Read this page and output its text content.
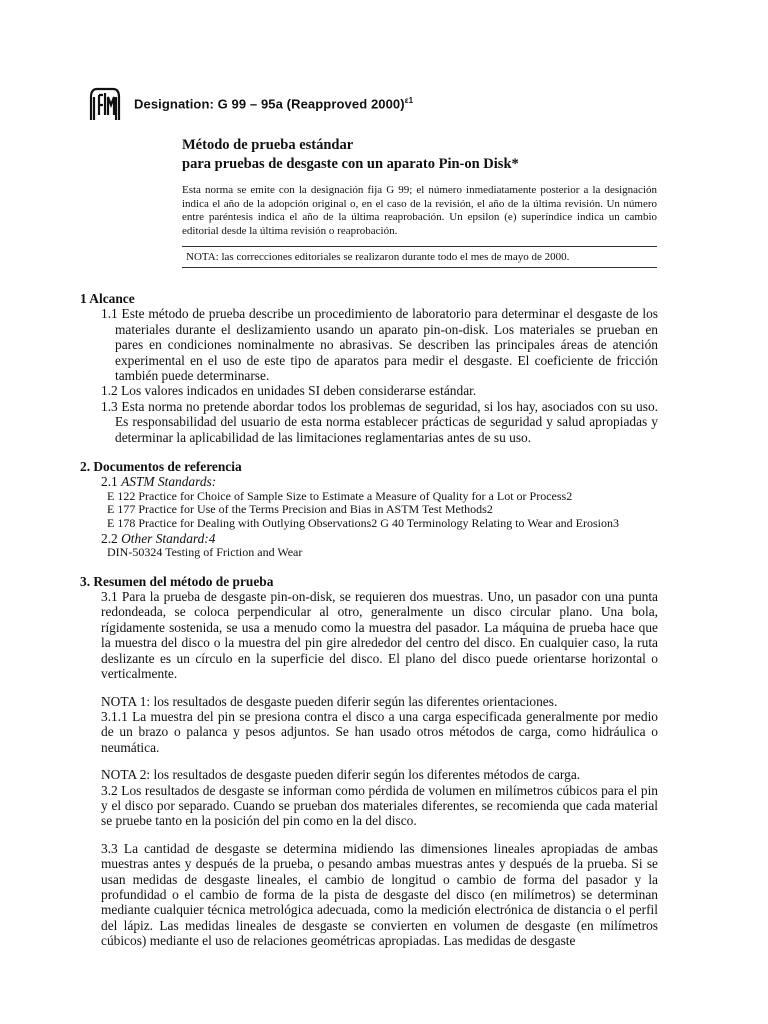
Designation: G 99 – 95a (Reapproved 2000)$^{\varepsilon 1}$
Método de prueba estándar
para pruebas de desgaste con un aparato Pin-on Disk*
Esta norma se emite con la designación fija G 99; el número inmediatamente posterior a la designación indica el año de la adopción original o, en el caso de la revisión, el año de la última revisión. Un número entre paréntesis indica el año de la última reaprobación. Un epsilon (e) superíndice indica un cambio editorial desde la última revisión o reaprobación.
NOTA: las correcciones editoriales se realizaron durante todo el mes de mayo de 2000.

1 Alcance

1.1 Este método de prueba describe un procedimiento de laboratorio para determinar el desgaste de los materiales durante el deslizamiento usando un aparato pin-on-disk. Los materiales se prueban en pares en condiciones nominalmente no abrasivas. Se describen las principales áreas de atención experimental en el uso de este tipo de aparatos para medir el desgaste. El coeficiente de fricción también puede determinarse.

1.2 Los valores indicados en unidades SI deben considerarse estándar.

1.3 Esta norma no pretende abordar todos los problemas de seguridad, si los hay, asociados con su uso. Es responsabilidad del usuario de esta norma establecer prácticas de seguridad y salud apropiadas y determinar la aplicabilidad de las limitaciones reglamentarias antes de su uso.

2. Documentos de referencia

2.1 ASTM Standards:

E 122 Practice for Choice of Sample Size to Estimate a Measure of Quality for a Lot or Process2

E 177 Practice for Use of the Terms Precision and Bias in ASTM Test Methods2

E 178 Practice for Dealing with Outlying Observations2 G 40 Terminology Relating to Wear and Erosion3

2.2 Other Standard:4

DIN-50324 Testing of Friction and Wear

3. Resumen del método de prueba

3.1 Para la prueba de desgaste pin-on-disk, se requieren dos muestras. Uno, un pasador con una punta redondeada, se coloca perpendicular al otro, generalmente un disco circular plano. Una bola, rígidamente sostenida, se usa a menudo como la muestra del pasador. La máquina de prueba hace que la muestra del disco o la muestra del pin gire alrededor del centro del disco. En cualquier caso, la ruta deslizante es un círculo en la superficie del disco. El plano del disco puede orientarse horizontal o verticalmente.

NOTA 1: los resultados de desgaste pueden diferir según las diferentes orientaciones.

3.1.1 La muestra del pin se presiona contra el disco a una carga especificada generalmente por medio de un brazo o palanca y pesos adjuntos. Se han usado otros métodos de carga, como hidráulica o neumática.

NOTA 2: los resultados de desgaste pueden diferir según los diferentes métodos de carga.

3.2 Los resultados de desgaste se informan como pérdida de volumen en milímetros cúbicos para el pin y el disco por separado. Cuando se prueban dos materiales diferentes, se recomienda que cada material se pruebe tanto en la posición del pin como en la del disco.

3.3 La cantidad de desgaste se determina midiendo las dimensiones lineales apropiadas de ambas muestras antes y después de la prueba, o pesando ambas muestras antes y después de la prueba. Si se usan medidas de desgaste lineales, el cambio de longitud o cambio de forma del pasador y la profundidad o el cambio de forma de la pista de desgaste del disco (en milímetros) se determinan mediante cualquier técnica metrológica adecuada, como la medición electrónica de distancia o el perfil del lápiz. Las medidas lineales de desgaste se convierten en volumen de desgaste (en milímetros cúbicos) mediante el uso de relaciones geométricas apropiadas. Las medidas de desgaste
